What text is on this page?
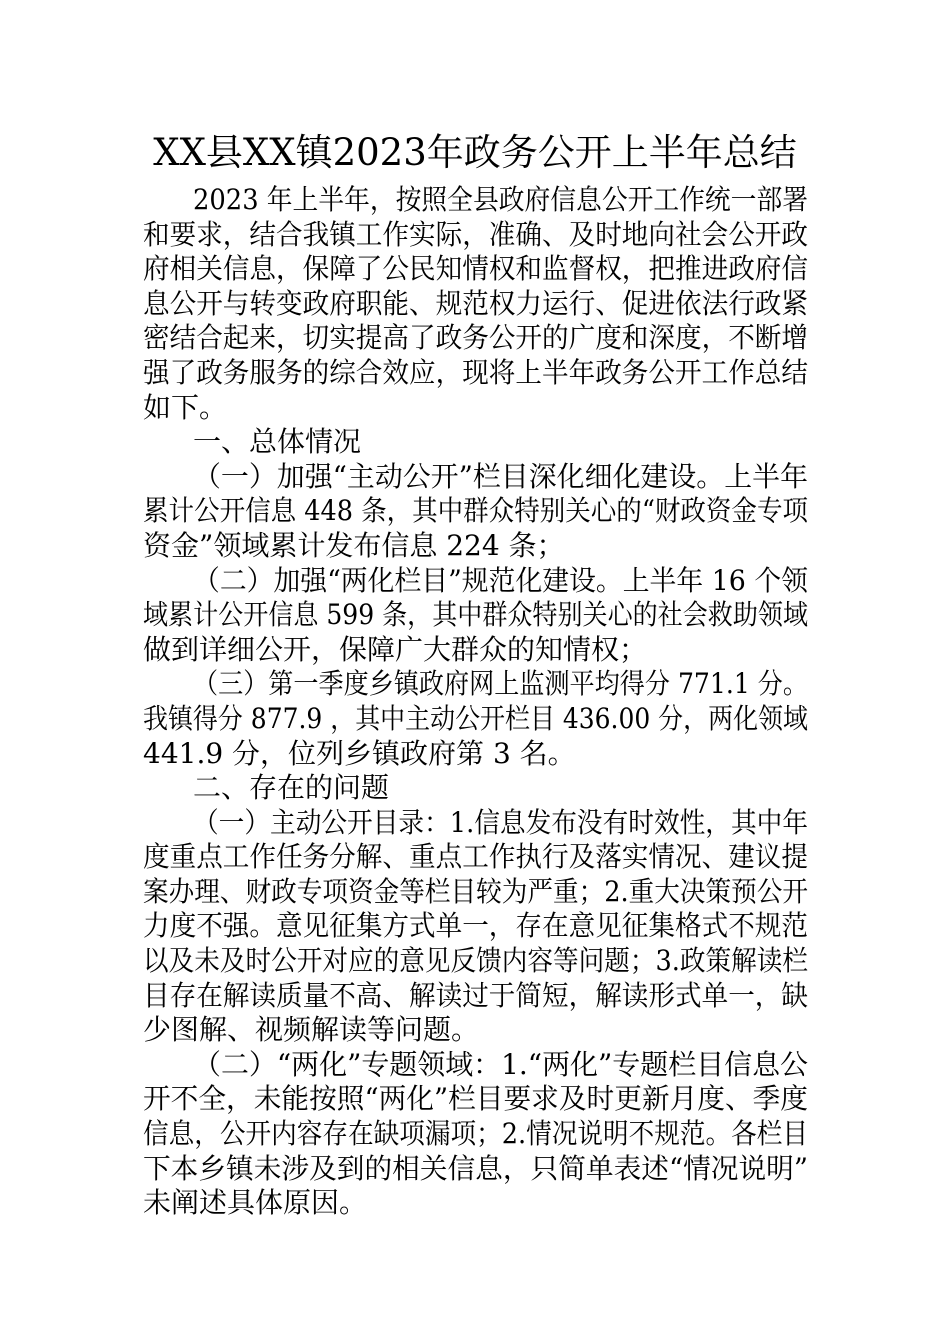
XX县XX镇2023年政务公开上半年总结
2023 年上半年，按照全县政府信息公开工作统一部署
和要求，结合我镇工作实际，准确、及时地向社会公开政
府相关信息，保障了公民知情权和监督权，把推进政府信
息公开与转变政府职能、规范权力运行、促进依法行政紧
密结合起来，切实提高了政务公开的广度和深度，不断增
强了政务服务的综合效应，现将上半年政务公开工作总结
如下。
一、总体情况
（一）加强“主动公开”栏目深化细化建设。上半年
累计公开信息 448 条，其中群众特别关心的“财政资金专项
资金”领域累计发布信息 224 条；
（二）加强“两化栏目”规范化建设。上半年 16 个领
域累计公开信息 599 条，其中群众特别关心的社会救助领域
做到详细公开，保障广大群众的知情权；
（三）第一季度乡镇政府网上监测平均得分 771.1 分。
我镇得分 877.9 ，其中主动公开栏目 436.00 分，两化领域
441.9 分，位列乡镇政府第 3 名。
二、存在的问题
（一）主动公开目录：1.信息发布没有时效性，其中年
度重点工作任务分解、重点工作执行及落实情况、建议提
案办理、财政专项资金等栏目较为严重；2.重大决策预公开
力度不强。意见征集方式单一，存在意见征集格式不规范
以及未及时公开对应的意见反馈内容等问题；3.政策解读栏
目存在解读质量不高、解读过于简短，解读形式单一，缺
少图解、视频解读等问题。
（二）“两化”专题领域：1.“两化”专题栏目信息公
开不全，未能按照“两化”栏目要求及时更新月度、季度
信息，公开内容存在缺项漏项；2.情况说明不规范。各栏目
下本乡镇未涉及到的相关信息，只简单表述“情况说明”
未阐述具体原因。
